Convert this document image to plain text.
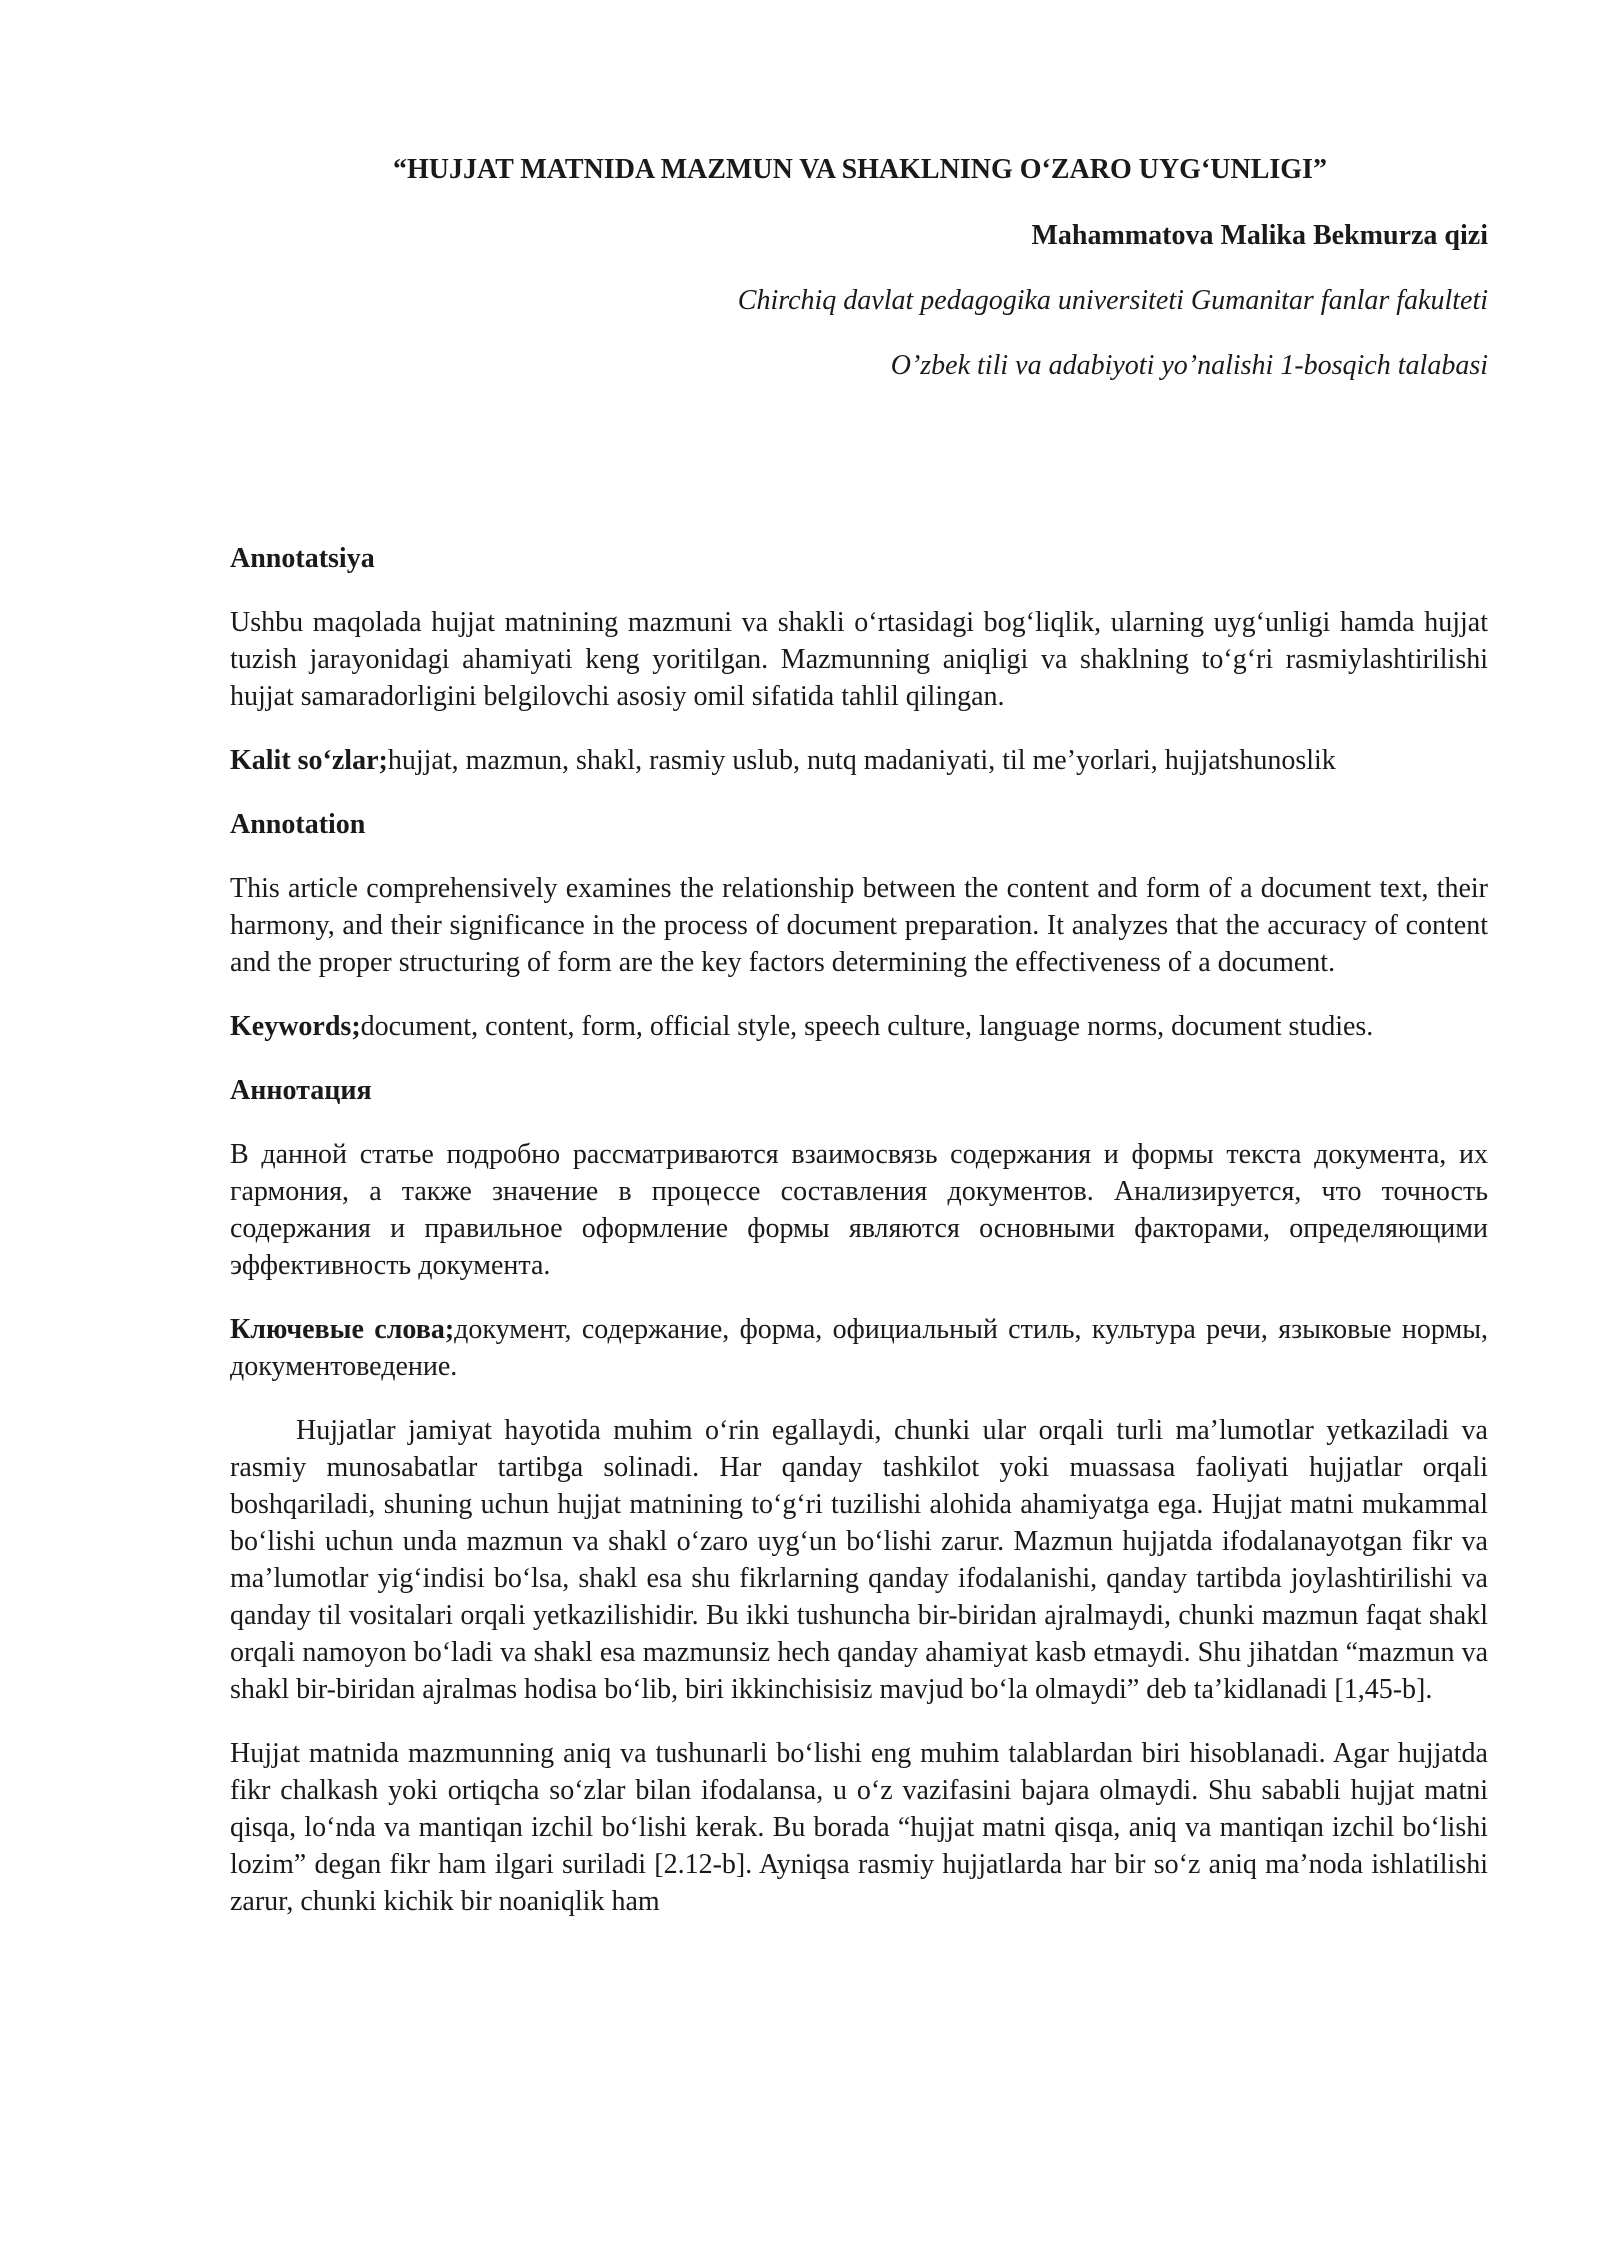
“HUJJAT MATNIDA MAZMUN VA SHAKLNING O‘ZARO UYG‘UNLIGI”

Mahammatova Malika Bekmurza qizi

Chirchiq davlat pedagogika universiteti Gumanitar fanlar fakulteti

O’zbek tili va adabiyoti yo’nalishi 1-bosqich talabasi

Annotatsiya

Ushbu maqolada hujjat matnining mazmuni va shakli o‘rtasidagi bog‘liqlik, ularning uyg‘unligi hamda hujjat tuzish jarayonidagi ahamiyati keng yoritilgan. Mazmunning aniqligi va shaklning to‘g‘ri rasmiylashtirilishi hujjat samaradorligini belgilovchi asosiy omil sifatida tahlil qilingan.

Kalit so‘zlar;hujjat, mazmun, shakl, rasmiy uslub, nutq madaniyati, til me’yorlari, hujjatshunoslik

Annotation

This article comprehensively examines the relationship between the content and form of a document text, their harmony, and their significance in the process of document preparation. It analyzes that the accuracy of content and the proper structuring of form are the key factors determining the effectiveness of a document.

Keywords;document, content, form, official style, speech culture, language norms, document studies.

Аннотация

В данной статье подробно рассматриваются взаимосвязь содержания и формы текста документа, их гармония, а также значение в процессе составления документов. Анализируется, что точность содержания и правильное оформление формы являются основными факторами, определяющими эффективность документа.

Ключевые слова;документ, содержание, форма, официальный стиль, культура речи, языковые нормы, документоведение.

Hujjatlar jamiyat hayotida muhim o‘rin egallaydi, chunki ular orqali turli ma’lumotlar yetkaziladi va rasmiy munosabatlar tartibga solinadi. Har qanday tashkilot yoki muassasa faoliyati hujjatlar orqali boshqariladi, shuning uchun hujjat matnining to‘g‘ri tuzilishi alohida ahamiyatga ega. Hujjat matni mukammal bo‘lishi uchun unda mazmun va shakl o‘zaro uyg‘un bo‘lishi zarur. Mazmun hujjatda ifodalanayotgan fikr va ma’lumotlar yig‘indisi bo‘lsa, shakl esa shu fikrlarning qanday ifodalanishi, qanday tartibda joylashtirilishi va qanday til vositalari orqali yetkazilishidir. Bu ikki tushuncha bir-biridan ajralmaydi, chunki mazmun faqat shakl orqali namoyon bo‘ladi va shakl esa mazmunsiz hech qanday ahamiyat kasb etmaydi. Shu jihatdan “mazmun va shakl bir-biridan ajralmas hodisa bo‘lib, biri ikkinchisisiz mavjud bo‘la olmaydi” deb ta’kidlanadi [1,45-b].

Hujjat matnida mazmunning aniq va tushunarli bo‘lishi eng muhim talablardan biri hisoblanadi. Agar hujjatda fikr chalkash yoki ortiqcha so‘zlar bilan ifodalansa, u o‘z vazifasini bajara olmaydi. Shu sababli hujjat matni qisqa, lo‘nda va mantiqan izchil bo‘lishi kerak. Bu borada “hujjat matni qisqa, aniq va mantiqan izchil bo‘lishi lozim” degan fikr ham ilgari suriladi [2.12-b]. Ayniqsa rasmiy hujjatlarda har bir so‘z aniq ma’noda ishlatilishi zarur, chunki kichik bir noaniqlik ham
